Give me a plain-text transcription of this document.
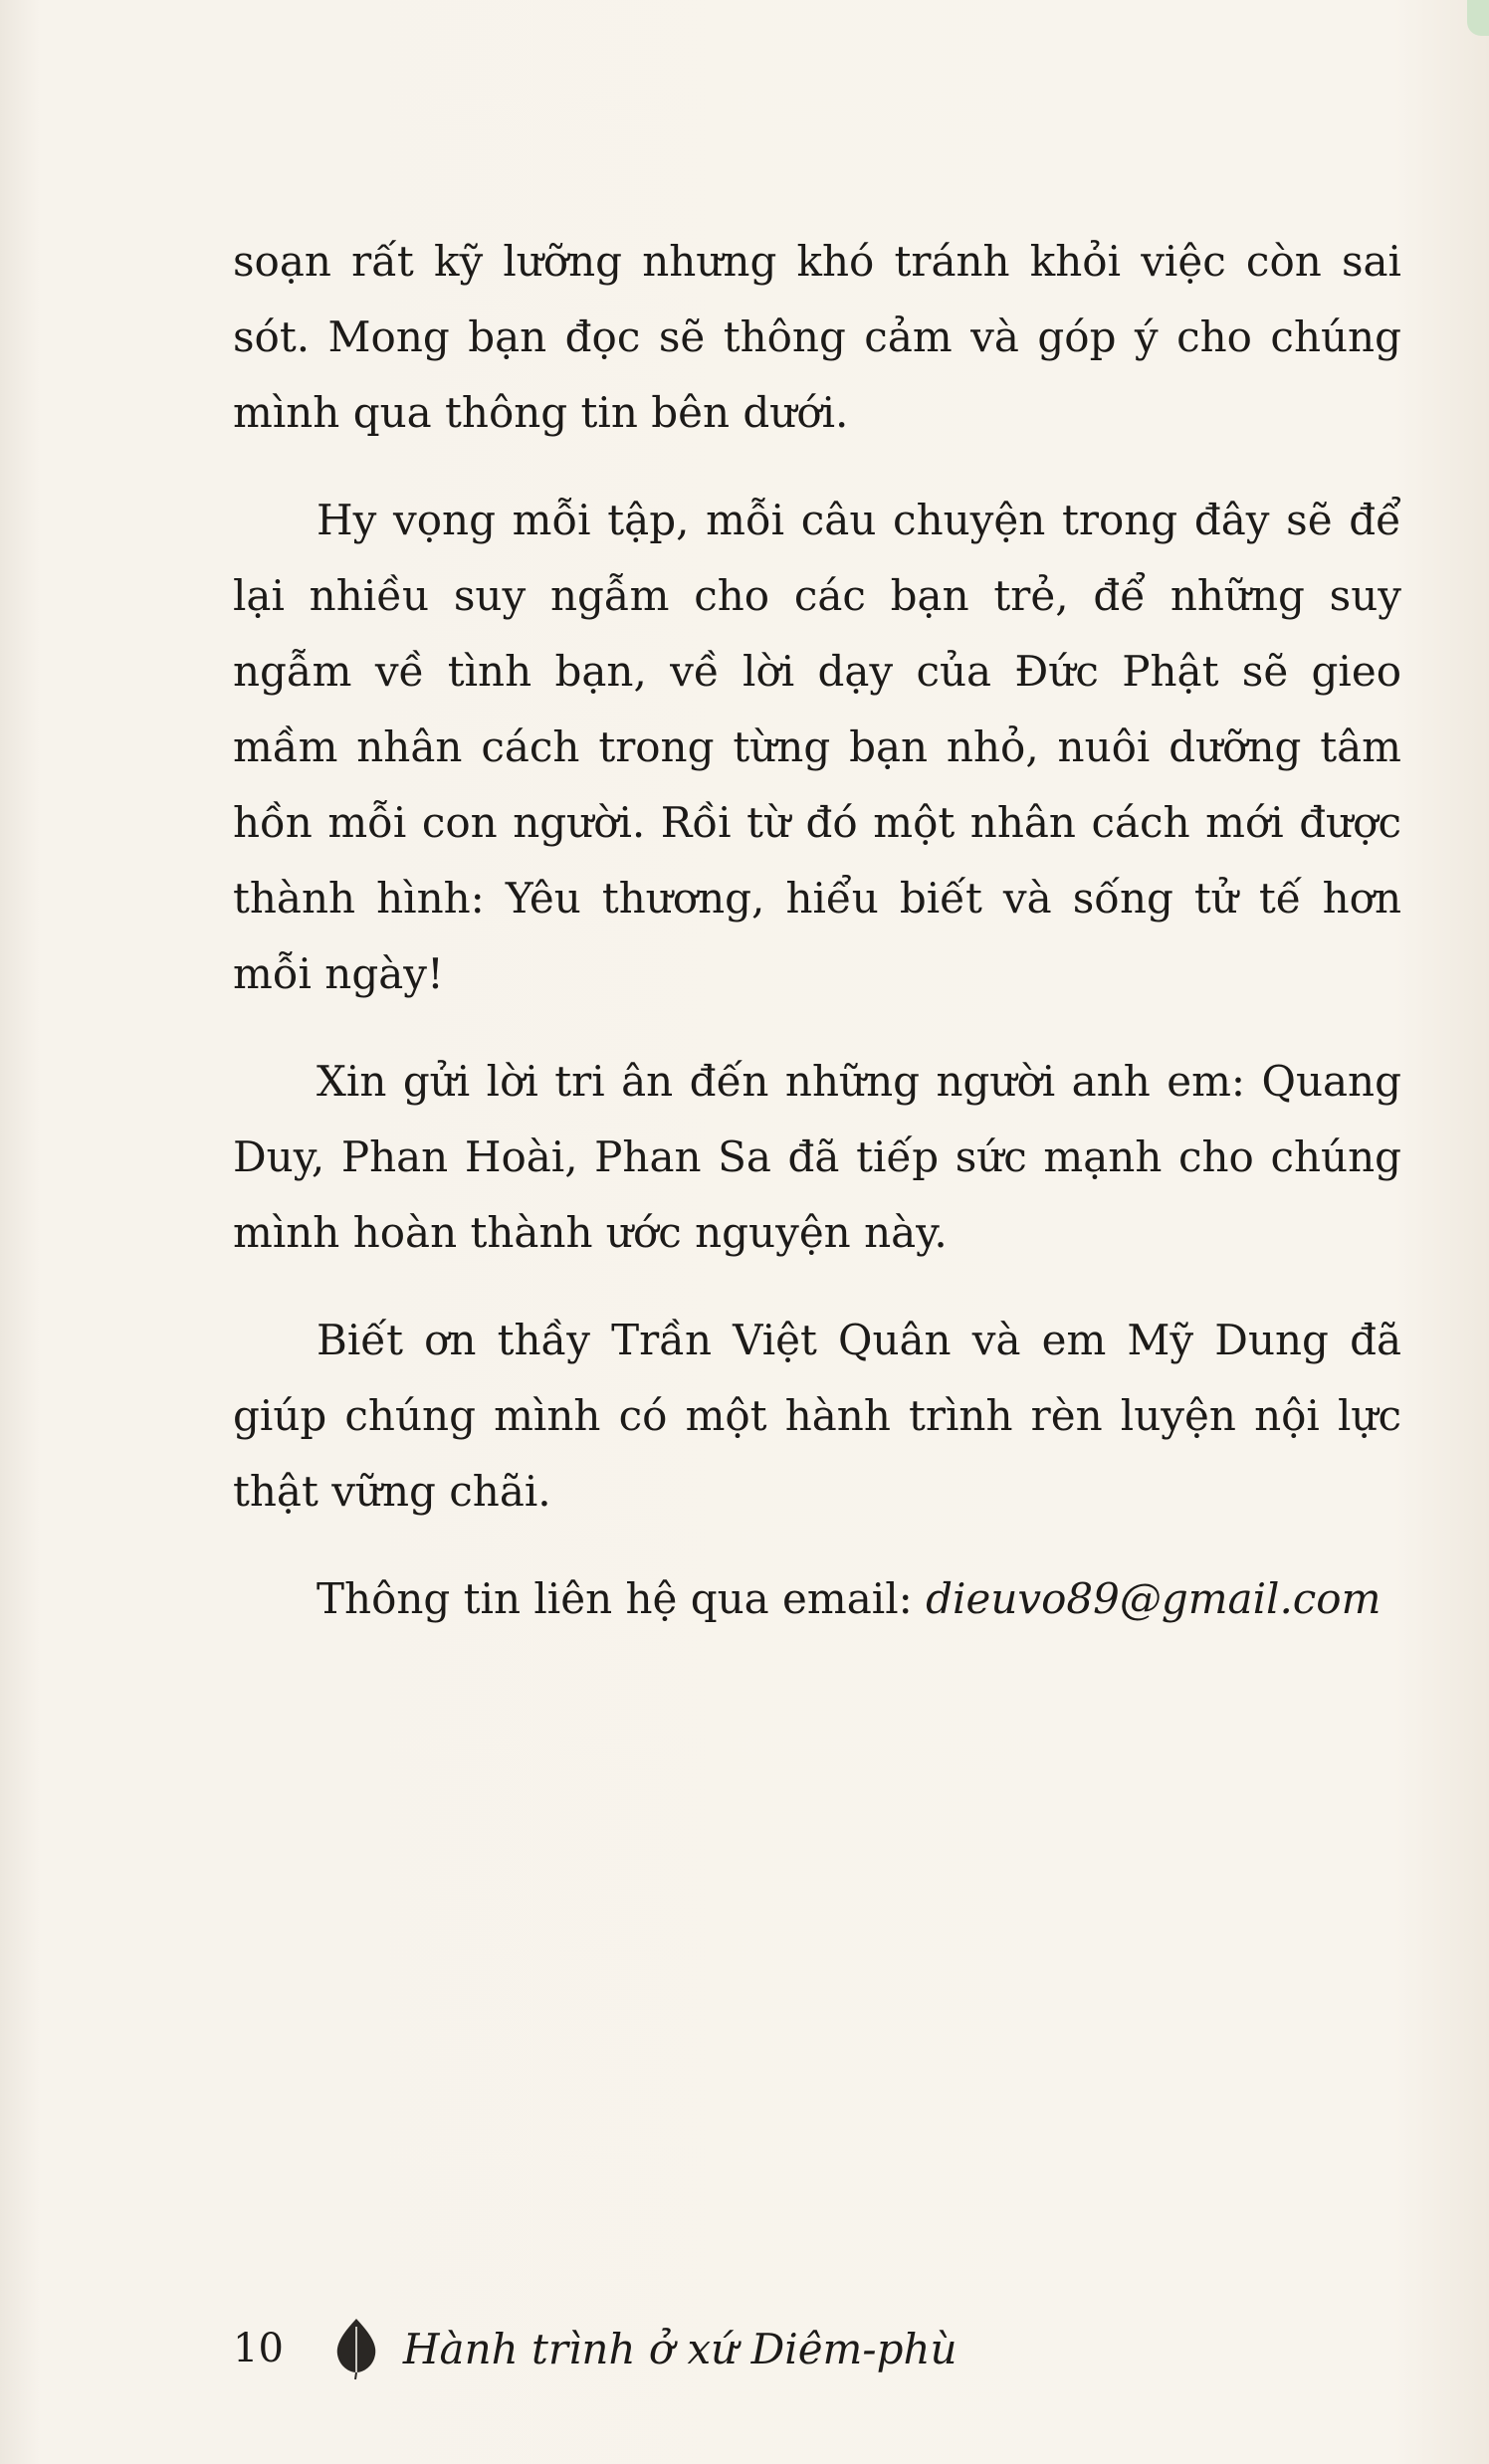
soạn rất kỹ lưỡng nhưng khó tránh khỏi việc còn sai sót. Mong bạn đọc sẽ thông cảm và góp ý cho chúng mình qua thông tin bên dưới.

Hy vọng mỗi tập, mỗi câu chuyện trong đây sẽ để lại nhiều suy ngẫm cho các bạn trẻ, để những suy ngẫm về tình bạn, về lời dạy của Đức Phật sẽ gieo mầm nhân cách trong từng bạn nhỏ, nuôi dưỡng tâm hồn mỗi con người. Rồi từ đó một nhân cách mới được thành hình: Yêu thương, hiểu biết và sống tử tế hơn mỗi ngày!

Xin gửi lời tri ân đến những người anh em: Quang Duy, Phan Hoài, Phan Sa đã tiếp sức mạnh cho chúng mình hoàn thành ước nguyện này.

Biết ơn thầy Trần Việt Quân và em Mỹ Dung đã giúp chúng mình có một hành trình rèn luyện nội lực thật vững chãi.

Thông tin liên hệ qua email: dieuvo89@gmail.com

10	Hành trình ở xứ Diêm-phù
